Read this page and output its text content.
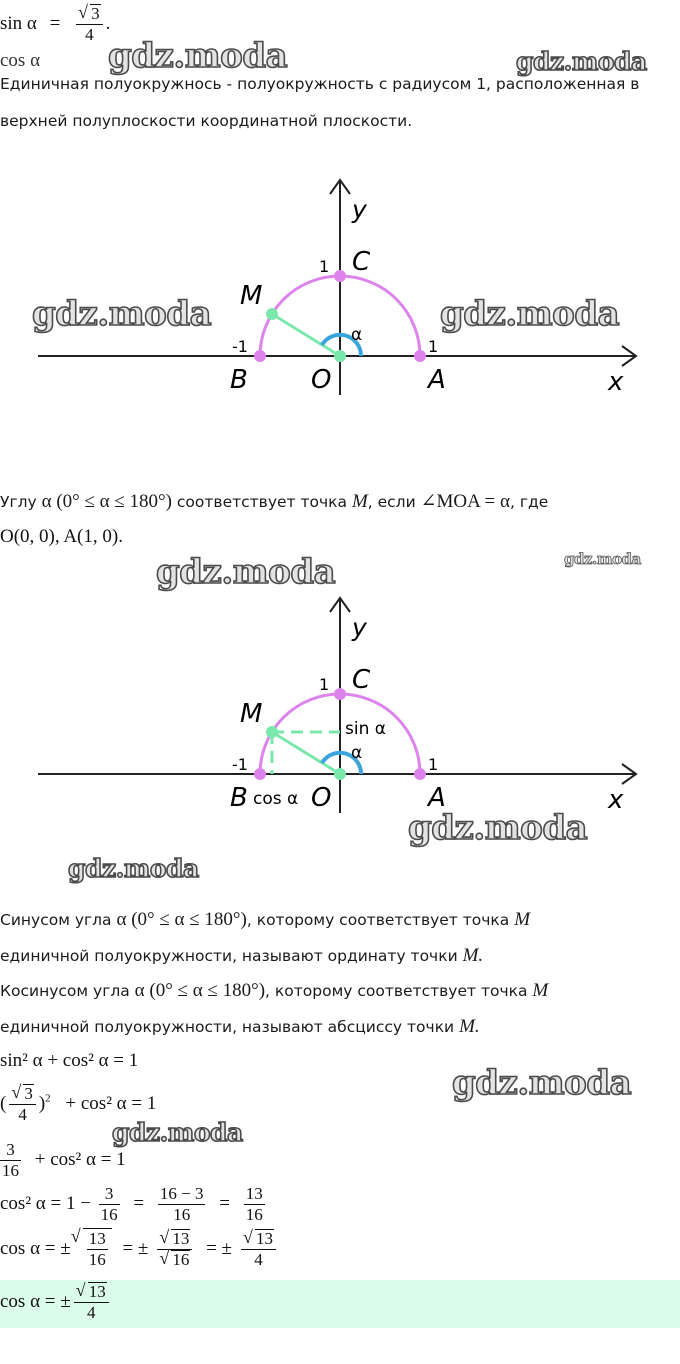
sin α = √ $\frac{3}{4}$ .
cos α
Единичная полуокружнось - полуокружность с радиусом 1, расположенная в
верхней полуплоскости координатной плоскости.
y
C
1
M
α
-1	1
B O	A	x
Углу α (0° ≤ α ≤ 180°) соответствует точка M, если ∠MOA = α, где
O(0, 0), A(1, 0).
y
C
1
M	sin α
α
-1	1
B cos α O	A	x
Синусом угла α (0° ≤ α ≤ 180°), которому соответствует точка M
единичной полуокружности, называют ординату точки M.
Косинусом угла α (0° ≤ α ≤ 180°), которому соответствует точка M
единичной полуокружности, называют абсциссу точки M.
sin² α + cos² α = 1
( √ $\frac{3}{4} )^2 + \cos^2$ α = 1
$\frac{3}{16} + \cos^2$ α = 1
cos² $\alpha = 1 - \frac{3}{16} = \frac{16 - 3}{16} = \frac{13}{16}$
cos α = ± √ $\frac{13}{16}$ = ± √ 13
√ 16 = ± √ $\frac{13}{4}$
cos α = ± √ $\frac{13}{4}$
gdz.moda	gdz.moda
gdz.moda	gdz.moda
gdz.moda	gdz.moda
gdz.moda
gdz.moda
gdz.moda
gdz.moda
